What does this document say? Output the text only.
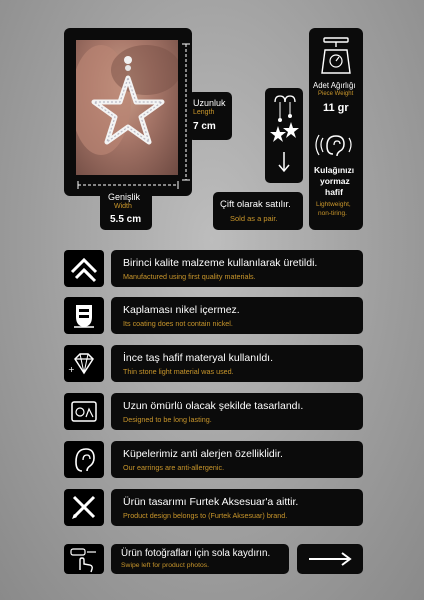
Uzunluk
Length
7 cm
Genişlik
Width
5.5 cm
Çift olarak satılır.
Sold as a pair.
Adet Ağırlığı
Piece Weight
11 gr
Kulağınızı
yormaz
hafif
Lightweight,
non-tiring.
Birinci kalite malzeme kullanılarak üretildi.
Manufactured using first quality materials.
Kaplaması nikel içermez.
Its coating does not contain nickel.
+
İnce taş hafif materyal kullanıldı.
Thin stone light material was used.
Uzun ömürlü olacak şekilde tasarlandı.
Designed to be long lasting.
Küpelerimiz anti alerjen özellikli̇dir.
Our earrings are anti-allergenic.
Ürün tasarımı Furtek Aksesuar'a aittir.
Product design belongs to (Furtek Aksesuar) brand.
Ürün fotoğrafları için sola kaydırın.
Swipe left for product photos.
